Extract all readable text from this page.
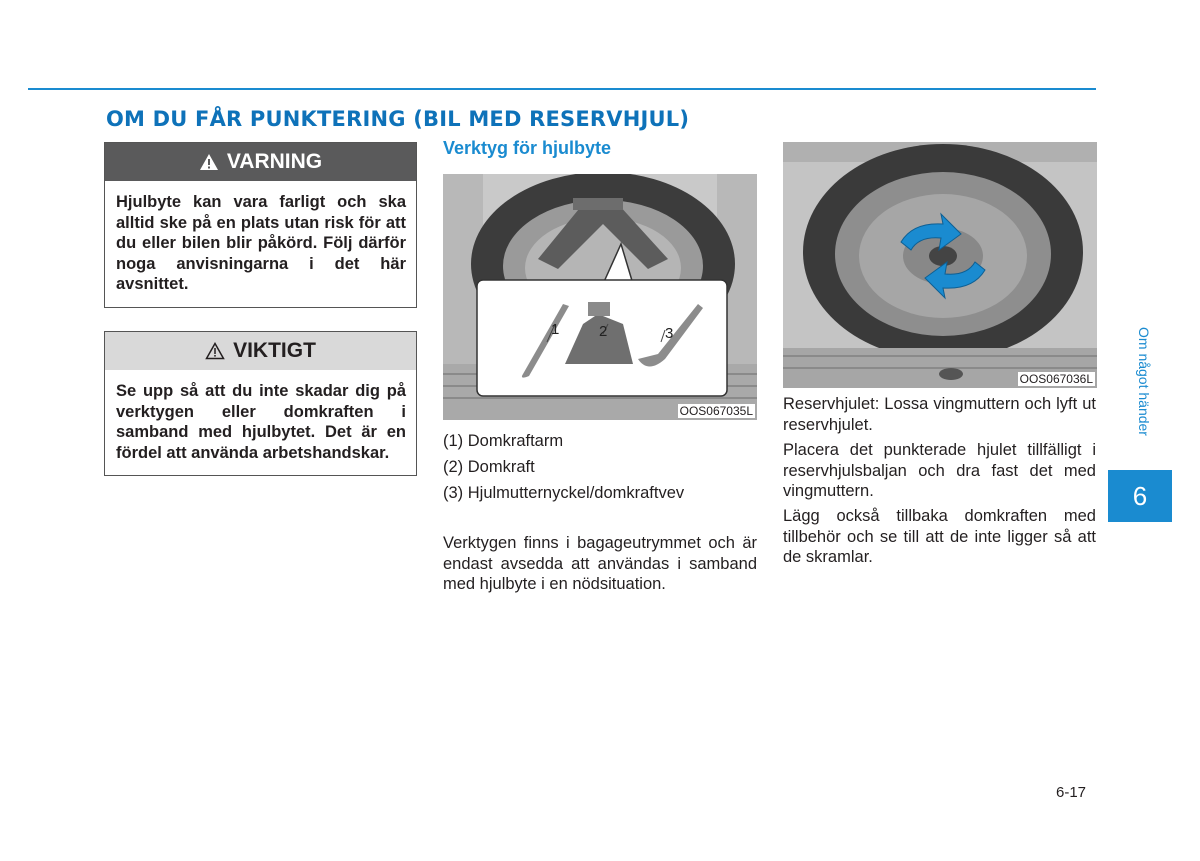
OM DU FÅR PUNKTERING (BIL MED RESERVHJUL)
VARNING
Hjulbyte kan vara farligt och ska alltid ske på en plats utan risk för att du eller bilen blir påkörd. Följ därför noga anvisningarna i det här avsnittet.
VIKTIGT
Se upp så att du inte skadar dig på verktygen eller domkraften i samband med hjulbytet. Det är en fördel att använda arbetshandskar.
Verktyg för hjulbyte
1	2	3
OOS067035L
(1) Domkraftarm
(2) Domkraft
(3) Hjulmutternyckel/domkraftvev
Verktygen finns i bagageutrymmet och är endast avsedda att användas i samband med hjulbyte i en nödsituation.
OOS067036L
Reservhjulet: Lossa vingmuttern och lyft ut reservhjulet.
Placera det punkterade hjulet tillfälligt i reservhjulsbaljan och dra fast det med vingmuttern.
Lägg också tillbaka domkraften med tillbehör och se till att de inte ligger så att de skramlar.
Om något händer
6
6-17
